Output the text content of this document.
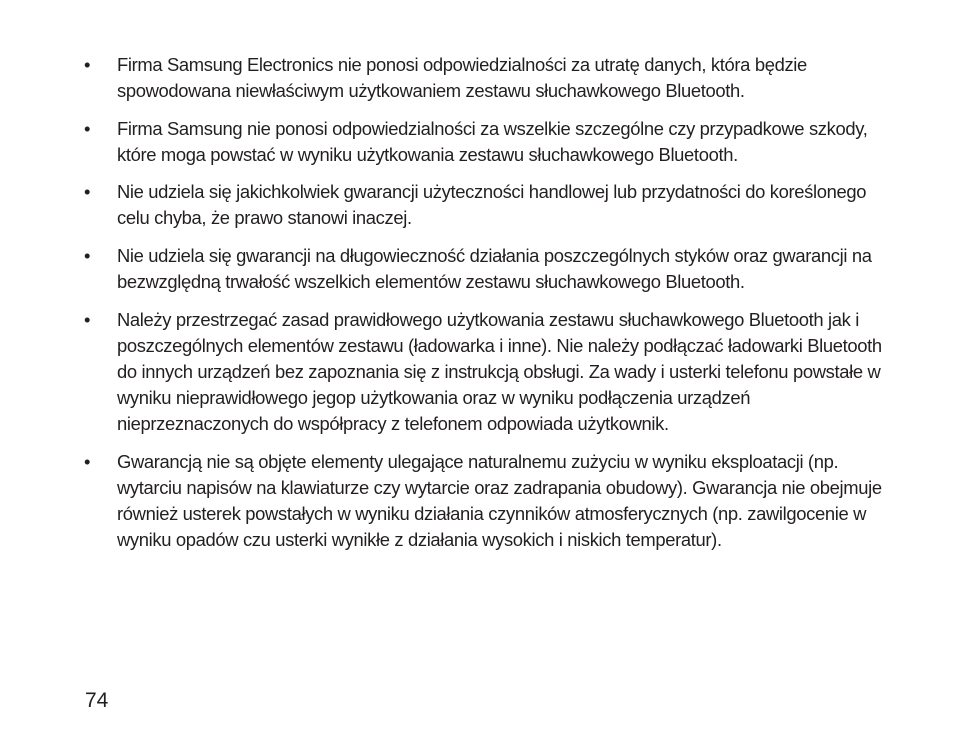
•	Firma Samsung Electronics nie ponosi odpowiedzialności za utratę danych, która będzie spowodowana niewłaściwym użytkowaniem zestawu słuchawkowego Bluetooth.
•	Firma Samsung nie ponosi odpowiedzialności za wszelkie szczególne czy przypadkowe szkody, które moga powstać w wyniku użytkowania zestawu słuchawkowego Bluetooth.
•	Nie udziela się jakichkolwiek gwarancji użyteczności handlowej lub przydatności do koreślonego celu chyba, że prawo stanowi inaczej.
•	Nie udziela się gwarancji na długowieczność działania poszczególnych styków oraz gwarancji na bezwzględną trwałość wszelkich elementów zestawu słuchawkowego Bluetooth.
•	Należy przestrzegać zasad prawidłowego użytkowania zestawu słuchawkowego Bluetooth jak i poszczególnych elementów zestawu (ładowarka i inne). Nie należy podłączać ładowarki Bluetooth do innych urządzeń bez zapoznania się z instrukcją obsługi. Za wady i usterki telefonu powstałe w wyniku nieprawidłowego jegop użytkowania oraz w wyniku podłączenia urządzeń nieprzeznaczonych do współpracy z telefonem odpowiada użytkownik.
•	Gwarancją nie są objęte elementy ulegające naturalnemu zużyciu w wyniku eksploatacji (np. wytarciu napisów na klawiaturze czy wytarcie oraz zadrapania obudowy). Gwarancja nie obejmuje również usterek powstałych w wyniku działania czynników atmosferycznych (np. zawilgocenie w wyniku opadów czu usterki wynikłe z działania wysokich i niskich temperatur).
74
